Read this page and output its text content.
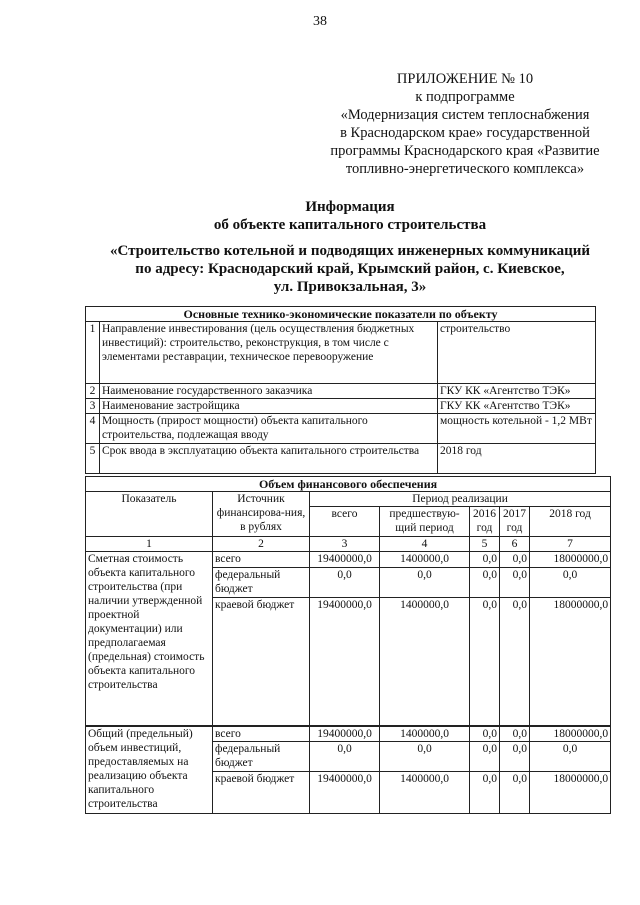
38
ПРИЛОЖЕНИЕ № 10
к подпрограмме
«Модернизация систем теплоснабжения
в Краснодарском крае» государственной
программы Краснодарского края «Развитие
топливно-энергетического комплекса»
Информация
об объекте капитального строительства
«Строительство котельной и подводящих инженерных коммуникаций
по адресу: Краснодарский край, Крымский район, с. Киевское,
ул. Привокзальная, 3»
Основные технико-экономические показатели по объекту		
1	Направление инвестирования (цель осуществления бюджетных инвестиций): строительство, реконструкция, в том числе с элементами реставрации, техническое перевооружение	строительство
2	Наименование государственного заказчика	ГКУ КК «Агентство ТЭК»
3	Наименование застройщика	ГКУ КК «Агентство ТЭК»
4	Мощность (прирост мощности) объекта капитального строительства, подлежащая вводу	мощность котельной - 1,2 МВт
5	Срок ввода в эксплуатацию объекта капитального строительства	2018 год
Объем финансового обеспечения						
Показатель	Источник финансирова-ния, в рублях	Период реализации				
		всего	предшествую-щий период	2016 год	2017 год	2018 год
1	2	3	4	5	6	7
Сметная стоимость объекта капитального строительства (при наличии утвержденной проектной документации) или предполагаемая (предельная) стоимость объекта капитального строительства	всего	19400000,0	1400000,0	0,0	0,0	18000000,0
	федеральный бюджет	0,0	0,0	0,0	0,0	0,0
	краевой бюджет	19400000,0	1400000,0	0,0	0,0	18000000,0
Общий (предельный) объем инвестиций, предоставляемых на реализацию объекта капитального строительства	всего	19400000,0	1400000,0	0,0	0,0	18000000,0
	федеральный бюджет	0,0	0,0	0,0	0,0	0,0
	краевой бюджет	19400000,0	1400000,0	0,0	0,0	18000000,0
